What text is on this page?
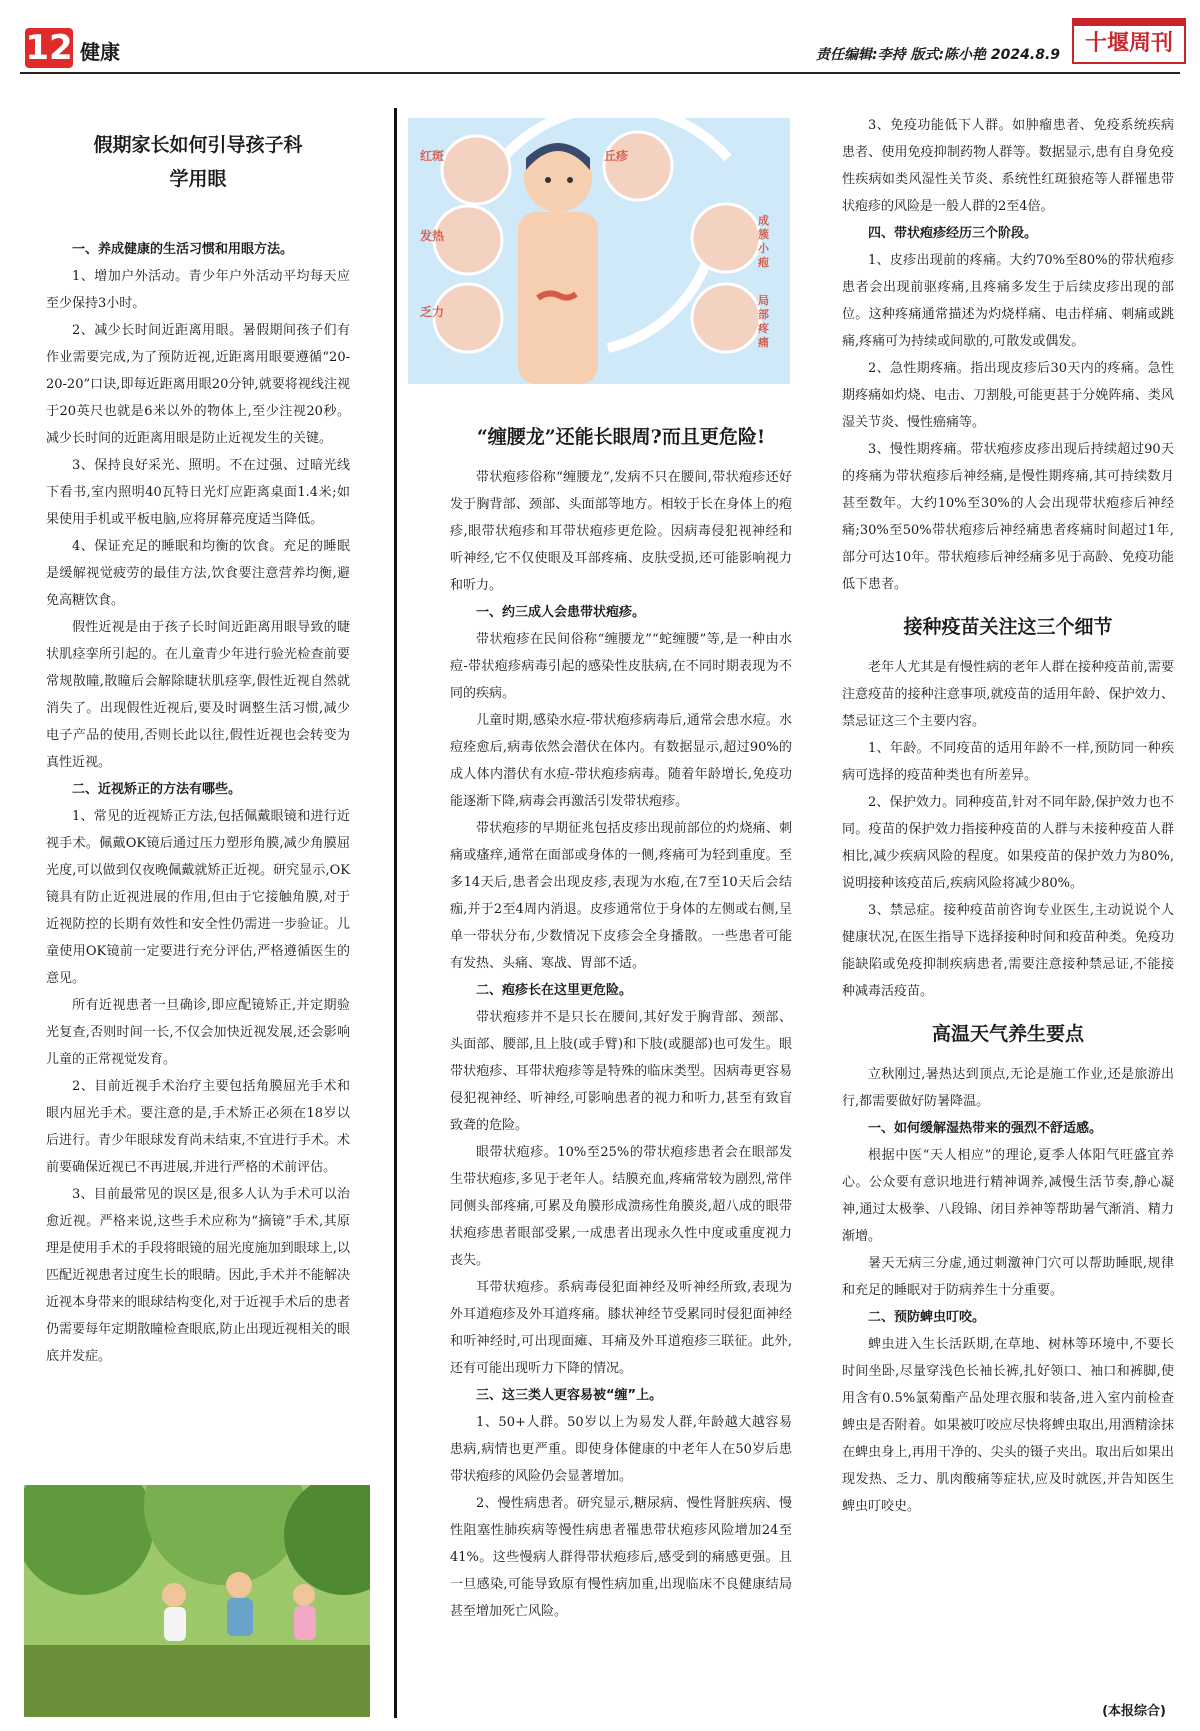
12 健康	责任编辑:李持 版式:陈小艳 2024.8.9	十堰周刊
假期家长如何引导孩子科学用眼

一、养成健康的生活习惯和用眼方法。

1、增加户外活动。青少年户外活动平均每天应至少保持3小时。

2、减少长时间近距离用眼。暑假期间孩子们有作业需要完成,为了预防近视,近距离用眼要遵循“20-20-20”口诀,即每近距离用眼20分钟,就要将视线注视于20英尺也就是6米以外的物体上,至少注视20秒。减少长时间的近距离用眼是防止近视发生的关键。

3、保持良好采光、照明。不在过强、过暗光线下看书,室内照明40瓦特日光灯应距离桌面1.4米;如果使用手机或平板电脑,应将屏幕亮度适当降低。

4、保证充足的睡眠和均衡的饮食。充足的睡眠是缓解视觉疲劳的最佳方法,饮食要注意营养均衡,避免高糖饮食。

假性近视是由于孩子长时间近距离用眼导致的睫状肌痉挛所引起的。在儿童青少年进行验光检查前要常规散瞳,散瞳后会解除睫状肌痉挛,假性近视自然就消失了。出现假性近视后,要及时调整生活习惯,减少电子产品的使用,否则长此以往,假性近视也会转变为真性近视。

二、近视矫正的方法有哪些。

1、常见的近视矫正方法,包括佩戴眼镜和进行近视手术。佩戴OK镜后通过压力塑形角膜,减少角膜屈光度,可以做到仅夜晚佩戴就矫正近视。研究显示,OK镜具有防止近视进展的作用,但由于它接触角膜,对于近视防控的长期有效性和安全性仍需进一步验证。儿童使用OK镜前一定要进行充分评估,严格遵循医生的意见。

所有近视患者一旦确诊,即应配镜矫正,并定期验光复查,否则时间一长,不仅会加快近视发展,还会影响儿童的正常视觉发育。

2、目前近视手术治疗主要包括角膜屈光手术和眼内屈光手术。要注意的是,手术矫正必须在18岁以后进行。青少年眼球发育尚未结束,不宜进行手术。术前要确保近视已不再进展,并进行严格的术前评估。

3、目前最常见的误区是,很多人认为手术可以治愈近视。严格来说,这些手术应称为“摘镜”手术,其原理是使用手术的手段将眼镜的屈光度施加到眼球上,以匹配近视患者过度生长的眼睛。因此,手术并不能解决近视本身带来的眼球结构变化,对于近视手术后的患者仍需要每年定期散瞳检查眼底,防止出现近视相关的眼底并发症。

红斑	丘疹
发热
乏力
成簇小疱
局部疼痛
“缠腰龙”还能长眼周?而且更危险!

带状疱疹俗称“缠腰龙”,发病不只在腰间,带状疱疹还好发于胸背部、颈部、头面部等地方。相较于长在身体上的疱疹,眼带状疱疹和耳带状疱疹更危险。因病毒侵犯视神经和听神经,它不仅使眼及耳部疼痛、皮肤受损,还可能影响视力和听力。

一、约三成人会患带状疱疹。

带状疱疹在民间俗称“缠腰龙”“蛇缠腰”等,是一种由水痘-带状疱疹病毒引起的感染性皮肤病,在不同时期表现为不同的疾病。

儿童时期,感染水痘-带状疱疹病毒后,通常会患水痘。水痘痊愈后,病毒依然会潜伏在体内。有数据显示,超过90%的成人体内潜伏有水痘-带状疱疹病毒。随着年龄增长,免疫功能逐渐下降,病毒会再激活引发带状疱疹。

带状疱疹的早期征兆包括皮疹出现前部位的灼烧痛、刺痛或瘙痒,通常在面部或身体的一侧,疼痛可为轻到重度。至多14天后,患者会出现皮疹,表现为水疱,在7至10天后会结痂,并于2至4周内消退。皮疹通常位于身体的左侧或右侧,呈单一带状分布,少数情况下皮疹会全身播散。一些患者可能有发热、头痛、寒战、胃部不适。

二、疱疹长在这里更危险。

带状疱疹并不是只长在腰间,其好发于胸背部、颈部、头面部、腰部,且上肢(或手臂)和下肢(或腿部)也可发生。眼带状疱疹、耳带状疱疹等是特殊的临床类型。因病毒更容易侵犯视神经、听神经,可影响患者的视力和听力,甚至有致盲致聋的危险。

眼带状疱疹。10%至25%的带状疱疹患者会在眼部发生带状疱疹,多见于老年人。结膜充血,疼痛常较为剧烈,常伴同侧头部疼痛,可累及角膜形成溃疡性角膜炎,超八成的眼带状疱疹患者眼部受累,一成患者出现永久性中度或重度视力丧失。

耳带状疱疹。系病毒侵犯面神经及听神经所致,表现为外耳道疱疹及外耳道疼痛。膝状神经节受累同时侵犯面神经和听神经时,可出现面瘫、耳痛及外耳道疱疹三联征。此外,还有可能出现听力下降的情况。

三、这三类人更容易被“缠”上。

1、50+人群。50岁以上为易发人群,年龄越大越容易患病,病情也更严重。即使身体健康的中老年人在50岁后患带状疱疹的风险仍会显著增加。

2、慢性病患者。研究显示,糖尿病、慢性肾脏疾病、慢性阻塞性肺疾病等慢性病患者罹患带状疱疹风险增加24至41%。这些慢病人群得带状疱疹后,感受到的痛感更强。且一旦感染,可能导致原有慢性病加重,出现临床不良健康结局甚至增加死亡风险。

3、免疫功能低下人群。如肿瘤患者、免疫系统疾病患者、使用免疫抑制药物人群等。数据显示,患有自身免疫性疾病如类风湿性关节炎、系统性红斑狼疮等人群罹患带状疱疹的风险是一般人群的2至4倍。

四、带状疱疹经历三个阶段。

1、皮疹出现前的疼痛。大约70%至80%的带状疱疹患者会出现前驱疼痛,且疼痛多发生于后续皮疹出现的部位。这种疼痛通常描述为灼烧样痛、电击样痛、刺痛或跳痛,疼痛可为持续或间歇的,可散发或偶发。

2、急性期疼痛。指出现皮疹后30天内的疼痛。急性期疼痛如灼烧、电击、刀割般,可能更甚于分娩阵痛、类风湿关节炎、慢性癌痛等。

3、慢性期疼痛。带状疱疹皮疹出现后持续超过90天的疼痛为带状疱疹后神经痛,是慢性期疼痛,其可持续数月甚至数年。大约10%至30%的人会出现带状疱疹后神经痛;30%至50%带状疱疹后神经痛患者疼痛时间超过1年,部分可达10年。带状疱疹后神经痛多见于高龄、免疫功能低下患者。

接种疫苗关注这三个细节

老年人尤其是有慢性病的老年人群在接种疫苗前,需要注意疫苗的接种注意事项,就疫苗的适用年龄、保护效力、禁忌证这三个主要内容。

1、年龄。不同疫苗的适用年龄不一样,预防同一种疾病可选择的疫苗种类也有所差异。

2、保护效力。同种疫苗,针对不同年龄,保护效力也不同。疫苗的保护效力指接种疫苗的人群与未接种疫苗人群相比,减少疾病风险的程度。如果疫苗的保护效力为80%,说明接种该疫苗后,疾病风险将减少80%。

3、禁忌症。接种疫苗前咨询专业医生,主动说说个人健康状况,在医生指导下选择接种时间和疫苗种类。免疫功能缺陷或免疫抑制疾病患者,需要注意接种禁忌证,不能接种减毒活疫苗。

高温天气养生要点

立秋刚过,暑热达到顶点,无论是施工作业,还是旅游出行,都需要做好防暑降温。

一、如何缓解湿热带来的强烈不舒适感。

根据中医“天人相应”的理论,夏季人体阳气旺盛宜养心。公众要有意识地进行精神调养,减慢生活节奏,静心凝神,通过太极拳、八段锦、闭目养神等帮助暑气渐消、精力渐增。

暑天无病三分虚,通过刺激神门穴可以帮助睡眠,规律和充足的睡眠对于防病养生十分重要。

二、预防蜱虫叮咬。

蜱虫进入生长活跃期,在草地、树林等环境中,不要长时间坐卧,尽量穿浅色长袖长裤,扎好领口、袖口和裤脚,使用含有0.5%氯菊酯产品处理衣服和装备,进入室内前检查蜱虫是否附着。如果被叮咬应尽快将蜱虫取出,用酒精涂抹在蜱虫身上,再用干净的、尖头的镊子夹出。取出后如果出现发热、乏力、肌肉酸痛等症状,应及时就医,并告知医生蜱虫叮咬史。

(本报综合)
